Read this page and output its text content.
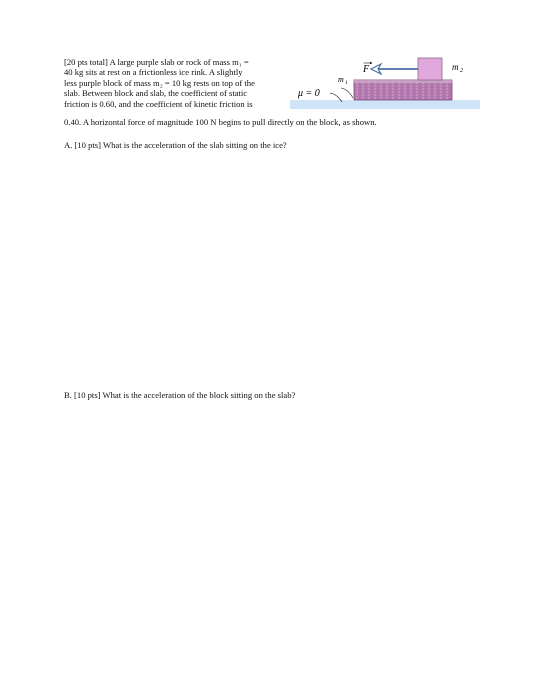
[20 pts total] A large purple slab or rock of mass m₁ =
40 kg sits at rest on a frictionless ice rink. A slightly
less purple block of mass m₂ = 10 kg rests on top of the
slab. Between block and slab, the coefficient of static
friction is 0.60, and the coefficient of kinetic friction is
0.40. A horizontal force of magnitude 100 N begins to pull directly on the block, as shown.
F	m 2
m 1
μ = 0
A. [10 pts] What is the acceleration of the slab sitting on the ice?
B. [10 pts] What is the acceleration of the block sitting on the slab?
